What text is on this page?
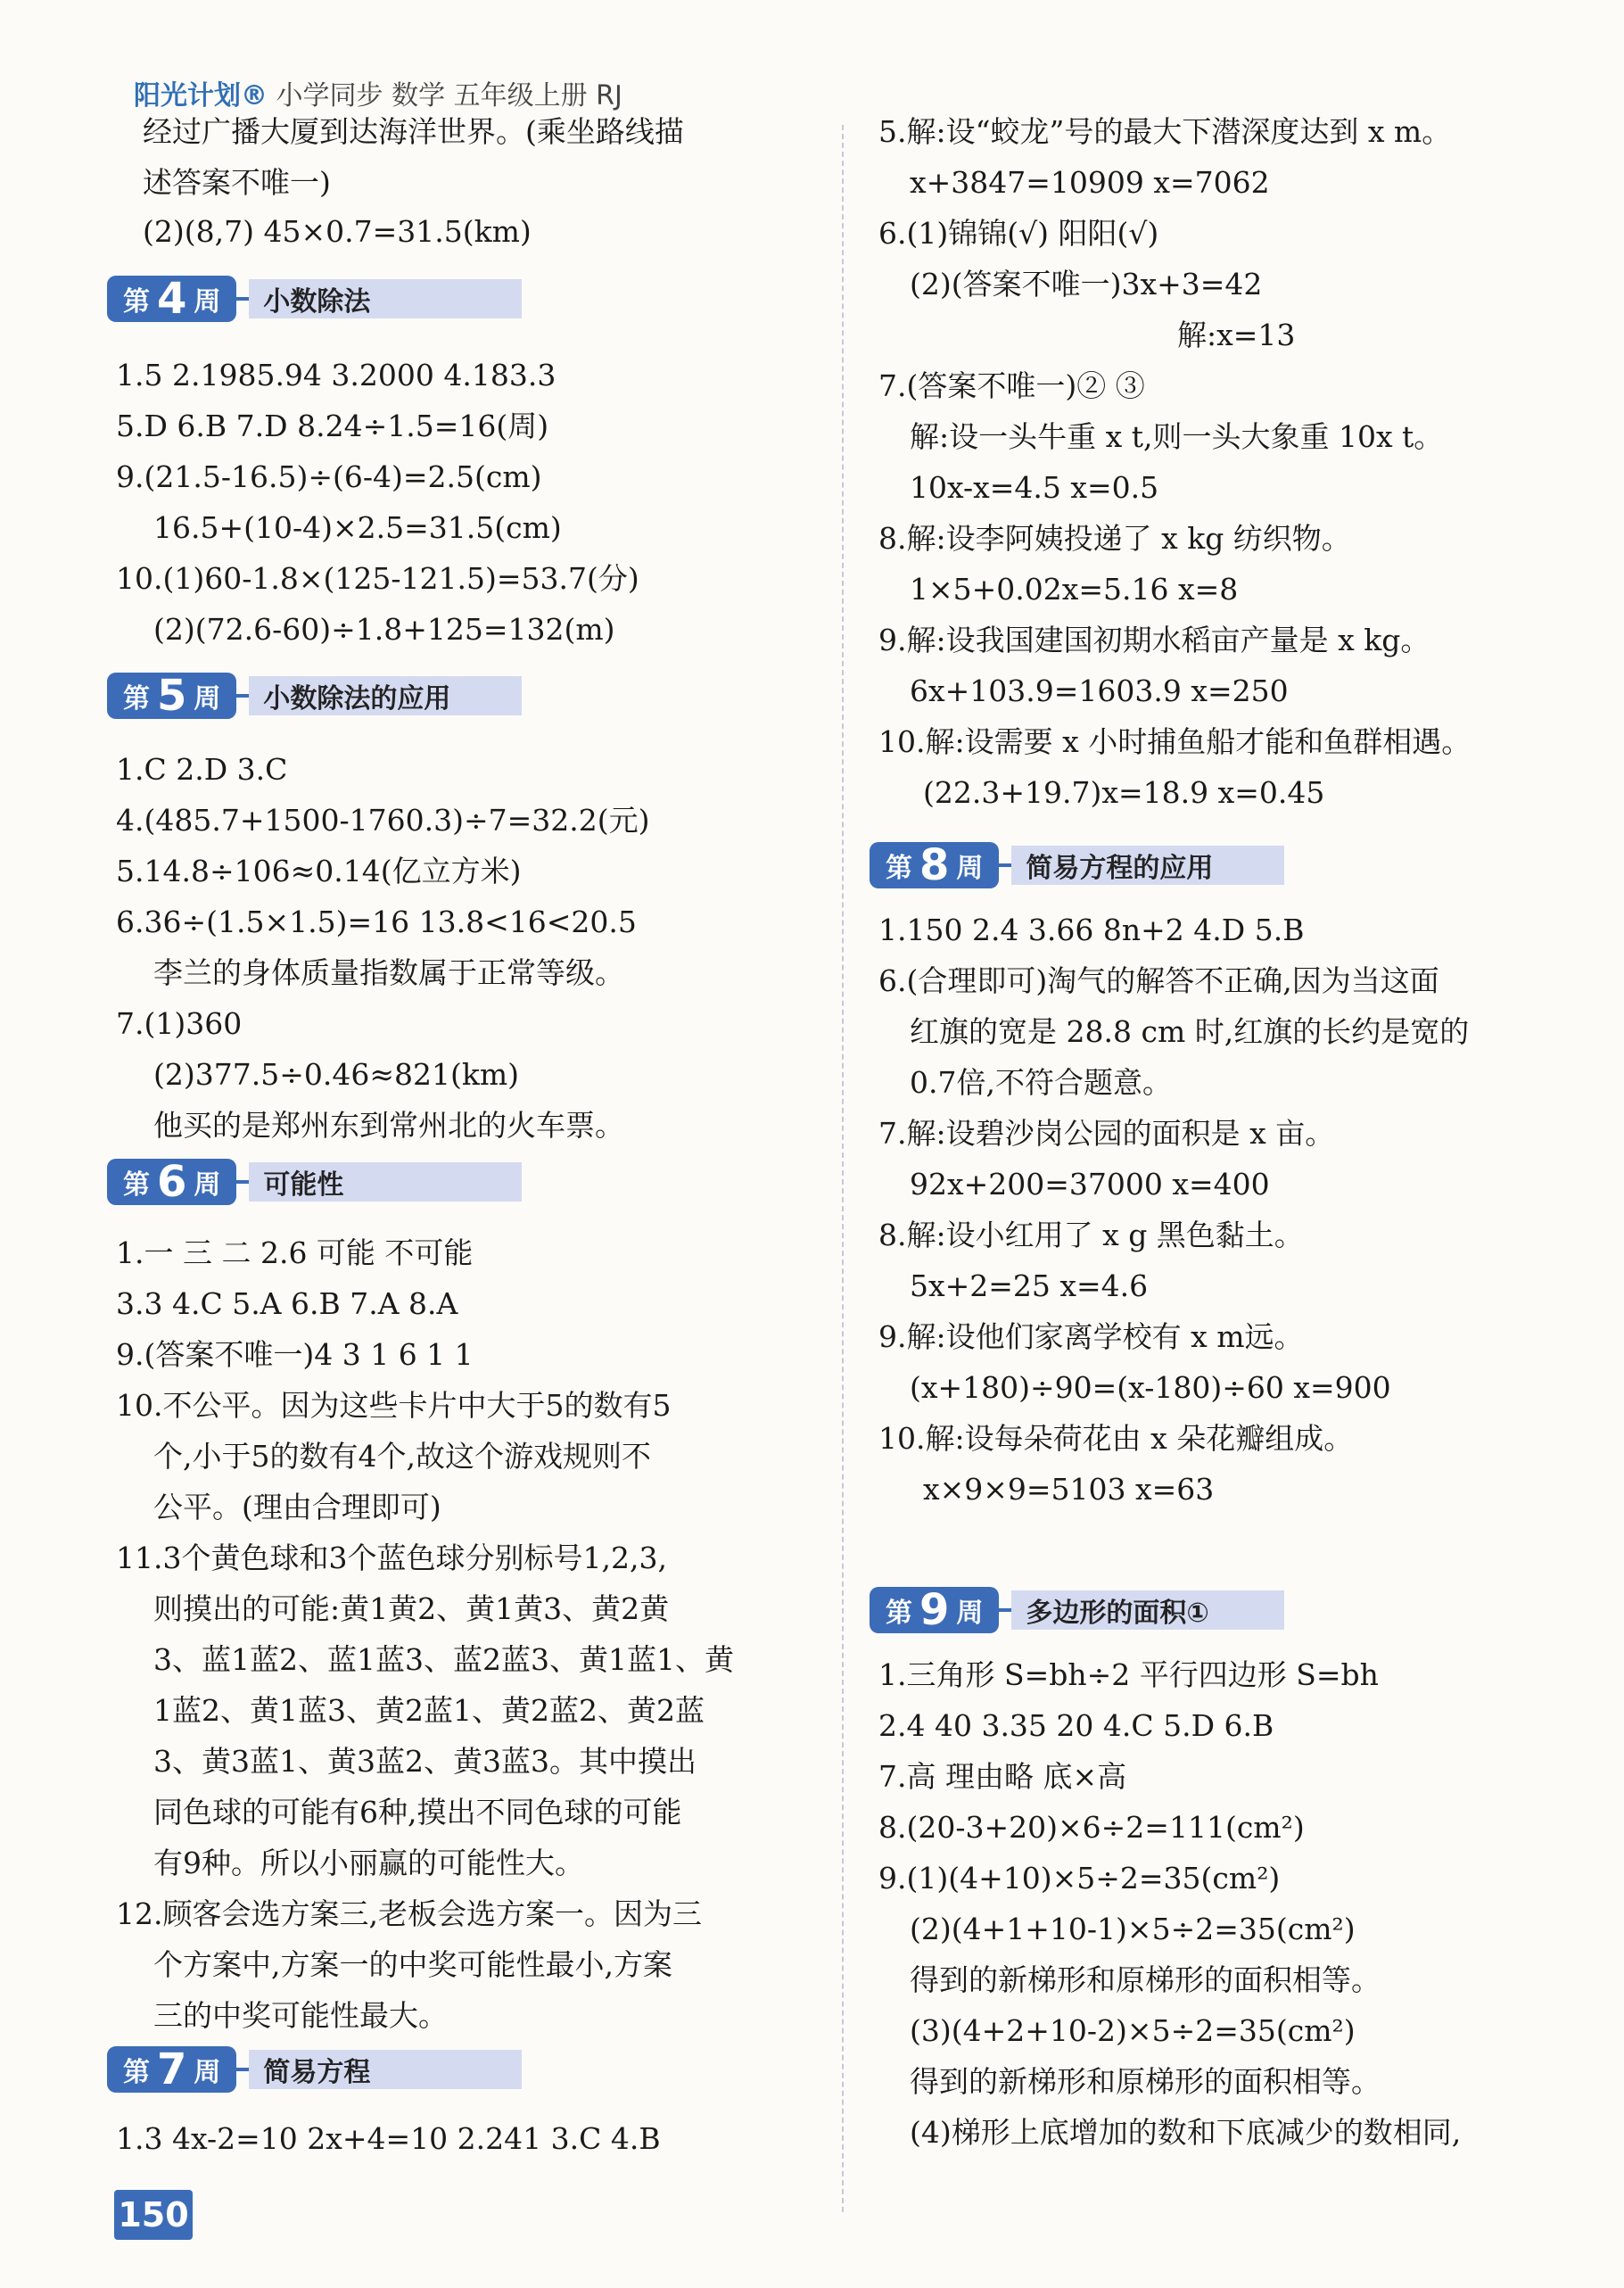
阳光计划® 小学同步 数学 五年级上册 RJ
经过广播大厦到达海洋世界。(乘坐路线描
述答案不唯一)
(2)(8,7) 45×0.7=31.5(km)
第 4 周	小数除法
1.5 2.1985.94 3.2000 4.183.3
5.D 6.B 7.D 8.24÷1.5=16(周)
9.(21.5-16.5)÷(6-4)=2.5(cm)
16.5+(10-4)×2.5=31.5(cm)
10.(1)60-1.8×(125-121.5)=53.7(分)
(2)(72.6-60)÷1.8+125=132(m)
第 5 周	小数除法的应用
1.C 2.D 3.C
4.(485.7+1500-1760.3)÷7=32.2(元)
5.14.8÷106≈0.14(亿立方米)
6.36÷(1.5×1.5)=16 13.8<16<20.5
李兰的身体质量指数属于正常等级。
7.(1)360
(2)377.5÷0.46≈821(km)
他买的是郑州东到常州北的火车票。
第 6 周	可能性
1.一 三 二 2.6 可能 不可能
3.3 4.C 5.A 6.B 7.A 8.A
9.(答案不唯一)4 3 1 6 1 1
10.不公平。因为这些卡片中大于5的数有5
个,小于5的数有4个,故这个游戏规则不
公平。(理由合理即可)
11.3个黄色球和3个蓝色球分别标号1,2,3,
则摸出的可能:黄1黄2、黄1黄3、黄2黄
3、蓝1蓝2、蓝1蓝3、蓝2蓝3、黄1蓝1、黄
1蓝2、黄1蓝3、黄2蓝1、黄2蓝2、黄2蓝
3、黄3蓝1、黄3蓝2、黄3蓝3。其中摸出
同色球的可能有6种,摸出不同色球的可能
有9种。所以小丽赢的可能性大。
12.顾客会选方案三,老板会选方案一。因为三
个方案中,方案一的中奖可能性最小,方案
三的中奖可能性最大。
第 7 周	简易方程
1.3 4x-2=10 2x+4=10 2.241 3.C 4.B
5.解:设“蛟龙”号的最大下潜深度达到 x m。
x+3847=10909 x=7062
6.(1)锦锦(√) 阳阳(√)
(2)(答案不唯一)3x+3=42
解:x=13
7.(答案不唯一)② ③
解:设一头牛重 x t,则一头大象重 10x t。
10x-x=4.5 x=0.5
8.解:设李阿姨投递了 x kg 纺织物。
1×5+0.02x=5.16 x=8
9.解:设我国建国初期水稻亩产量是 x kg。
6x+103.9=1603.9 x=250
10.解:设需要 x 小时捕鱼船才能和鱼群相遇。
(22.3+19.7)x=18.9 x=0.45
第 8 周	简易方程的应用
1.150 2.4 3.66 8n+2 4.D 5.B
6.(合理即可)淘气的解答不正确,因为当这面
红旗的宽是 28.8 cm 时,红旗的长约是宽的
0.7倍,不符合题意。
7.解:设碧沙岗公园的面积是 x 亩。
92x+200=37000 x=400
8.解:设小红用了 x g 黑色黏土。
5x+2=25 x=4.6
9.解:设他们家离学校有 x m远。
(x+180)÷90=(x-180)÷60 x=900
10.解:设每朵荷花由 x 朵花瓣组成。
x×9×9=5103 x=63
第 9 周	多边形的面积①
1.三角形 S=bh÷2 平行四边形 S=bh
2.4 40 3.35 20 4.C 5.D 6.B
7.高 理由略 底×高
8.(20-3+20)×6÷2=111(cm²)
9.(1)(4+10)×5÷2=35(cm²)
(2)(4+1+10-1)×5÷2=35(cm²)
得到的新梯形和原梯形的面积相等。
(3)(4+2+10-2)×5÷2=35(cm²)
得到的新梯形和原梯形的面积相等。
(4)梯形上底增加的数和下底减少的数相同,
150
